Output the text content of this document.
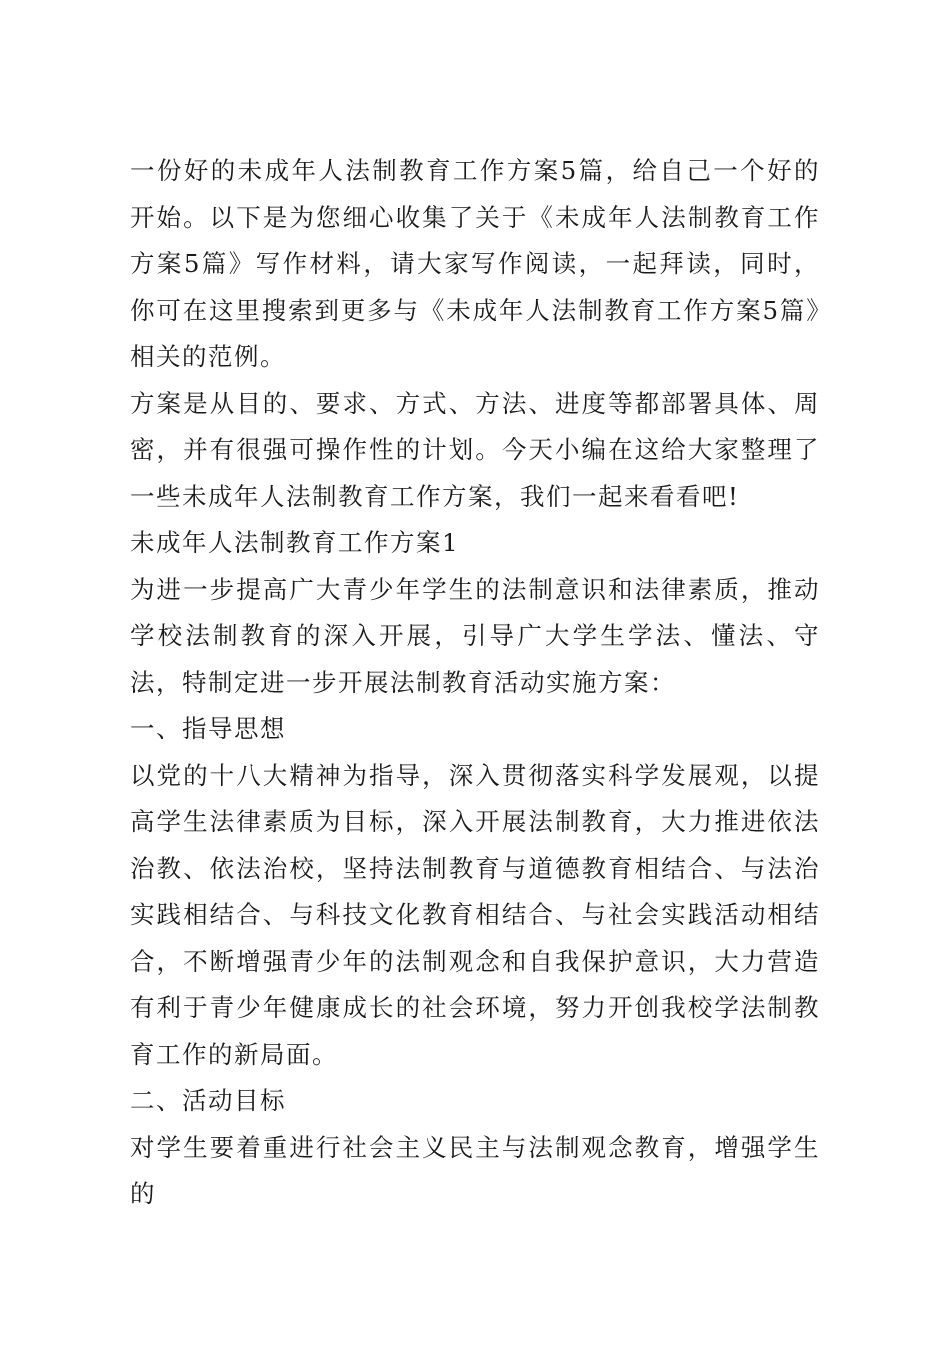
一份好的未成年人法制教育工作方案5篇，给自己一个好的开始。以下是为您细心收集了关于《未成年人法制教育工作方案5篇》写作材料，请大家写作阅读，一起拜读，同时，你可在这里搜索到更多与《未成年人法制教育工作方案5篇》相关的范例。

方案是从目的、要求、方式、方法、进度等都部署具体、周密，并有很强可操作性的计划。今天小编在这给大家整理了一些未成年人法制教育工作方案，我们一起来看看吧!

未成年人法制教育工作方案1

为进一步提高广大青少年学生的法制意识和法律素质，推动学校法制教育的深入开展，引导广大学生学法、懂法、守法，特制定进一步开展法制教育活动实施方案：

一、指导思想

以党的十八大精神为指导，深入贯彻落实科学发展观，以提高学生法律素质为目标，深入开展法制教育，大力推进依法治教、依法治校，坚持法制教育与道德教育相结合、与法治实践相结合、与科技文化教育相结合、与社会实践活动相结合，不断增强青少年的法制观念和自我保护意识，大力营造有利于青少年健康成长的社会环境，努力开创我校学法制教育工作的新局面。

二、活动目标

对学生要着重进行社会主义民主与法制观念教育，增强学生的
